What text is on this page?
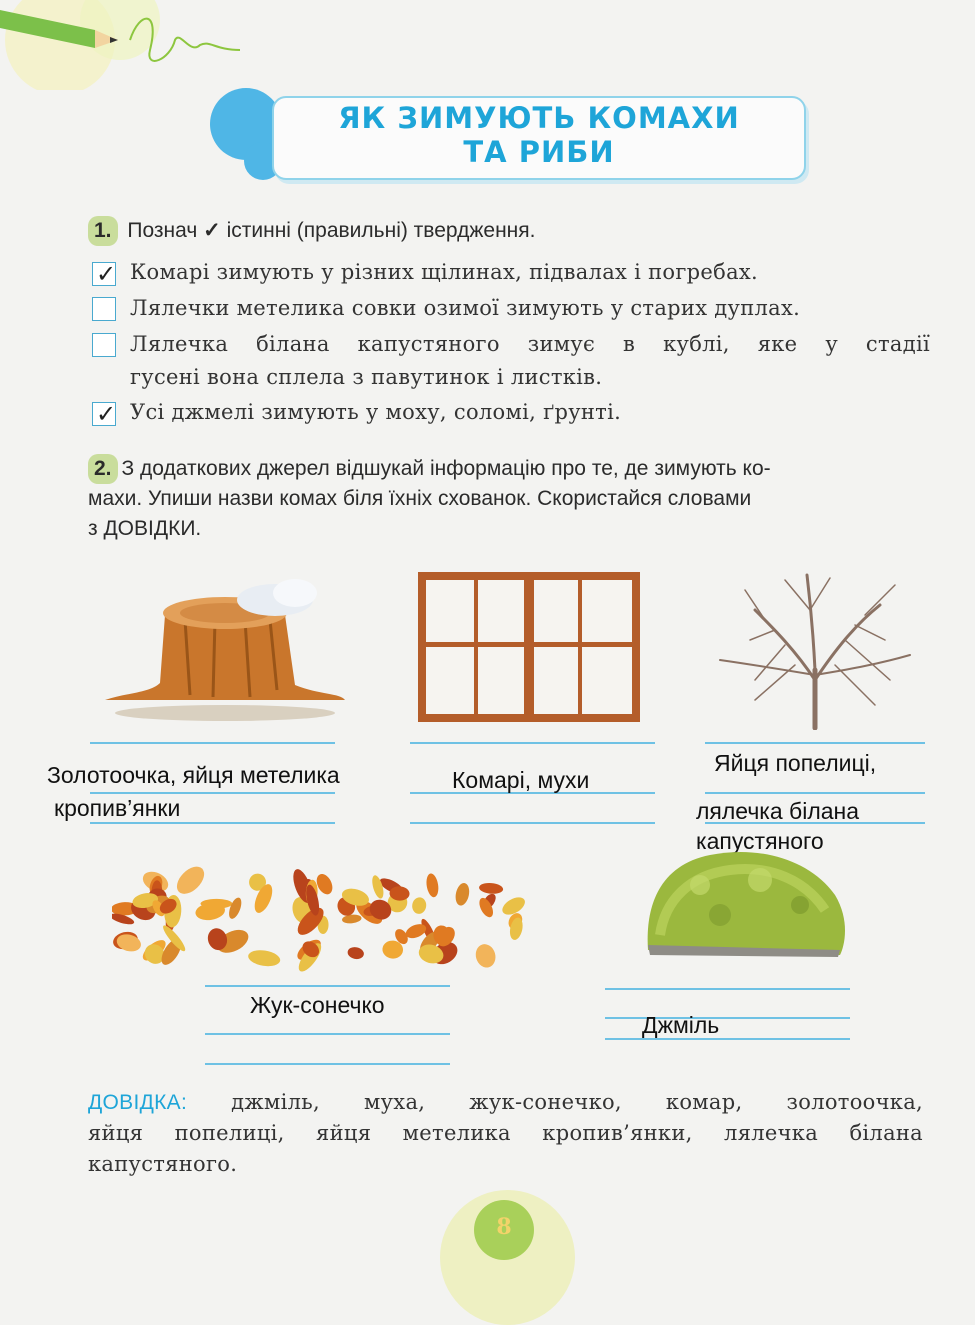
ЯК ЗИМУЮТЬ КОМАХИ
ТА РИБИ
1. Познач ✓ істинні (правильні) твердження.
✓ Комарі зимують у різних щілинах, підвалах і погребах.
Лялечки метелика совки озимої зимують у старих дуплах.
Лялечка білана капустяного зимує в кублі, яке у стадії
гусені вона сплела з павутинок і листків.
✓ Усі джмелі зимують у моху, соломі, ґрунті.
2. З додаткових джерел відшукай інформацію про те, де зимують ко-
махи. Упиши назви комах біля їхніх схованок. Скористайся словами
з ДОВІДКИ.
Золотоочка, яйця метелика
кропив’янки
Комарі, мухи
Яйця попелиці,
лялечка білана
капустяного
Жук-сонечко
Джміль
ДОВІДКА: джміль, муха, жук-сонечко, комар, золотоочка,
яйця попелиці, яйця метелика кропив’янки, лялечка білана
капустяного.
8
